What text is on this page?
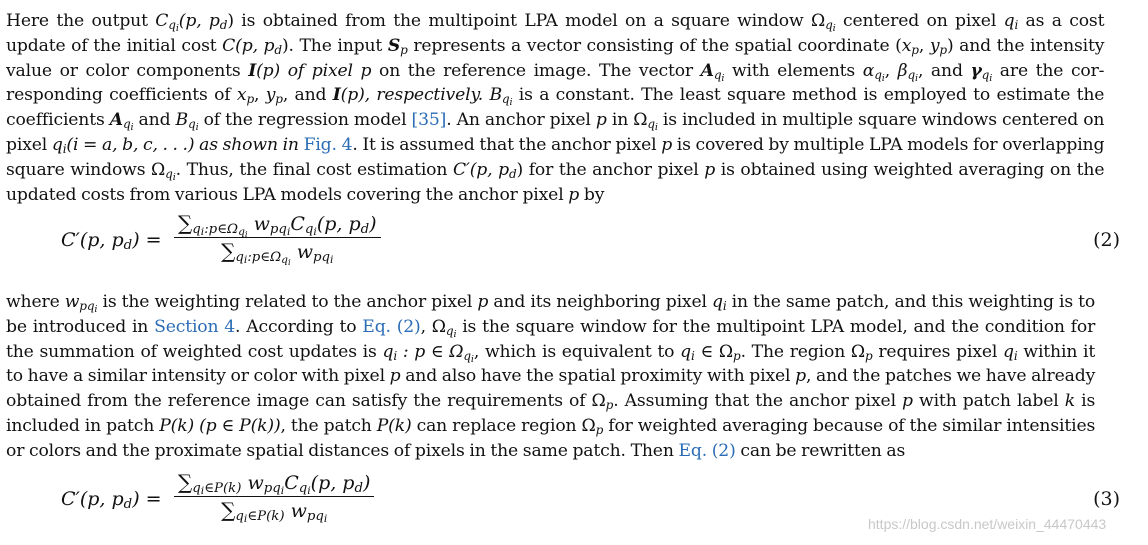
Here the output $C_{q_i}(p$, $p_d$) is obtained from the multipoint LPA model on a square window $\Omega_{q_i}$ centered on pixel $q_i$ as a cost
update of the initial cost C(p, $p_d$). The input $S_p$ represents a vector consisting of the spatial coordinate ($x_p$, $y_p$) and the intensity
value or color components I(p) of pixel p on the reference image. The vector $A_{q_i}$ with elements $\alpha_{q_i}$, $\beta_{q_i}$, and $\gamma_{q_i}$ are the cor-
responding coefficients of $x_p$, $y_p$, and I(p), respectively. $B_{q_i}$ is a constant. The least square method is employed to estimate the
coefficients $A_{q_i}$ and $B_{q_i}$ of the regression model [35]. An anchor pixel p in $\Omega_{q_i}$ is included in multiple square windows centered on
pixel $q_i(i = a$, b, c, . . .) as shown in Fig. 4. It is assumed that the anchor pixel p is covered by multiple LPA models for overlapping
square windows $\Omega_{q_i}$. Thus, the final cost estimation C′(p, $p_d$) for the anchor pixel p is obtained using weighted averaging on the
updated costs from various LPA models covering the anchor pixel p by

C′(p, $p_d$) =
$\sum_{q_i:p\in\Omega_{q_i}}$ $w_{pq_i}C_{q_i}(p$, $p_d$)
$\sum_{q_i:p\in\Omega_{q_i}}$ $w_{pq_i}$
(2)

where $w_{pq_i}$ is the weighting related to the anchor pixel p and its neighboring pixel $q_i$ in the same patch, and this weighting is to
be introduced in Section 4. According to Eq. (2), $\Omega_{q_i}$ is the square window for the multipoint LPA model, and the condition for
the summation of weighted cost updates is $q_i$ : p ∈ $\Omega_{q_i}$, which is equivalent to $q_i$ ∈ $\Omega_p$. The region $\Omega_p$ requires pixel $q_i$ within it
to have a similar intensity or color with pixel p and also have the spatial proximity with pixel p, and the patches we have already
obtained from the reference image can satisfy the requirements of $\Omega_p$. Assuming that the anchor pixel p with patch label k is
included in patch P(k) (p ∈ P(k)), the patch P(k) can replace region $\Omega_p$ for weighted averaging because of the similar intensities
or colors and the proximate spatial distances of pixels in the same patch. Then Eq. (2) can be rewritten as

C′(p, $p_d$) =
$\sum_{q_i\in P(k)}$ $w_{pq_i}C_{q_i}(p$, $p_d$)
$\sum_{q_i\in P(k)}$ $w_{pq_i}$
(3)
https://blog.csdn.net/weixin_44470443
